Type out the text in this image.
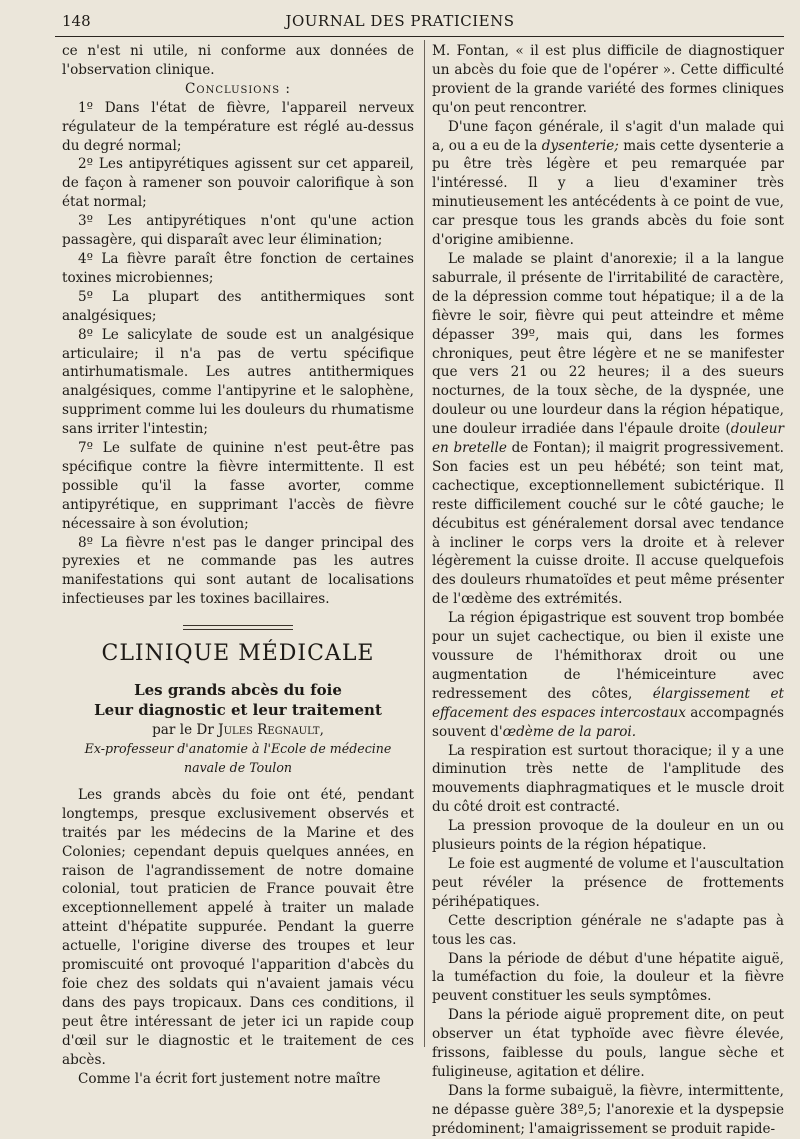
148	JOURNAL DES PRATICIENS

ce n'est ni utile, ni conforme aux données de l'observation clinique.

Conclusions :

1º Dans l'état de fièvre, l'appareil nerveux régulateur de la température est réglé au-dessus du degré normal;

2º Les antipyrétiques agissent sur cet appareil, de façon à ramener son pouvoir calorifique à son état normal;

3º Les antipyrétiques n'ont qu'une action passagère, qui disparaît avec leur élimination;

4º La fièvre paraît être fonction de certaines toxines microbiennes;

5º La plupart des antithermiques sont analgésiques;

8º Le salicylate de soude est un analgésique articulaire; il n'a pas de vertu spécifique antirhumatismale. Les autres antithermiques analgésiques, comme l'antipyrine et le salophène, suppriment comme lui les douleurs du rhumatisme sans irriter l'intestin;

7º Le sulfate de quinine n'est peut-être pas spécifique contre la fièvre intermittente. Il est possible qu'il la fasse avorter, comme antipyrétique, en supprimant l'accès de fièvre nécessaire à son évolution;

8º La fièvre n'est pas le danger principal des pyrexies et ne commande pas les autres manifestations qui sont autant de localisations infectieuses par les toxines bacillaires.

CLINIQUE MÉDICALE
Les grands abcès du foie
Leur diagnostic et leur traitement
par le Dr Jules Regnault,
Ex-professeur d'anatomie à l'Ecole de médecine navale de Toulon

Les grands abcès du foie ont été, pendant longtemps, presque exclusivement observés et traités par les médecins de la Marine et des Colonies; cependant depuis quelques années, en raison de l'agrandissement de notre domaine colonial, tout praticien de France pouvait être exceptionnellement appelé à traiter un malade atteint d'hépatite suppurée. Pendant la guerre actuelle, l'origine diverse des troupes et leur promiscuité ont provoqué l'apparition d'abcès du foie chez des soldats qui n'avaient jamais vécu dans des pays tropicaux. Dans ces conditions, il peut être intéressant de jeter ici un rapide coup d'œil sur le diagnostic et le traitement de ces abcès.

Comme l'a écrit fort justement notre maître

M. Fontan, « il est plus difficile de diagnostiquer un abcès du foie que de l'opérer ». Cette difficulté provient de la grande variété des formes cliniques qu'on peut rencontrer.

D'une façon générale, il s'agit d'un malade qui a, ou a eu de la dysenterie; mais cette dysenterie a pu être très légère et peu remarquée par l'intéressé. Il y a lieu d'examiner très minutieusement les antécédents à ce point de vue, car presque tous les grands abcès du foie sont d'origine amibienne.

Le malade se plaint d'anorexie; il a la langue saburrale, il présente de l'irritabilité de caractère, de la dépression comme tout hépatique; il a de la fièvre le soir, fièvre qui peut atteindre et même dépasser 39º, mais qui, dans les formes chroniques, peut être légère et ne se manifester que vers 21 ou 22 heures; il a des sueurs nocturnes, de la toux sèche, de la dyspnée, une douleur ou une lourdeur dans la région hépatique, une douleur irradiée dans l'épaule droite (douleur en bretelle de Fontan); il maigrit progressivement. Son facies est un peu hébété; son teint mat, cachectique, exceptionnellement subictérique. Il reste difficilement couché sur le côté gauche; le décubitus est généralement dorsal avec tendance à incliner le corps vers la droite et à relever légèrement la cuisse droite. Il accuse quelquefois des douleurs rhumatoïdes et peut même présenter de l'œdème des extrémités.

La région épigastrique est souvent trop bombée pour un sujet cachectique, ou bien il existe une voussure de l'hémithorax droit ou une augmentation de l'hémiceinture avec redressement des côtes, élargissement et effacement des espaces intercostaux accompagnés souvent d'œdème de la paroi.

La respiration est surtout thoracique; il y a une diminution très nette de l'amplitude des mouvements diaphragmatiques et le muscle droit du côté droit est contracté.

La pression provoque de la douleur en un ou plusieurs points de la région hépatique.

Le foie est augmenté de volume et l'auscultation peut révéler la présence de frottements périhépatiques.

Cette description générale ne s'adapte pas à tous les cas.

Dans la période de début d'une hépatite aiguë, la tuméfaction du foie, la douleur et la fièvre peuvent constituer les seuls symptômes.

Dans la période aiguë proprement dite, on peut observer un état typhoïde avec fièvre élevée, frissons, faiblesse du pouls, langue sèche et fuligineuse, agitation et délire.

Dans la forme subaiguë, la fièvre, intermittente, ne dépasse guère 38º,5; l'anorexie et la dyspepsie prédominent; l'amaigrissement se produit rapide-
